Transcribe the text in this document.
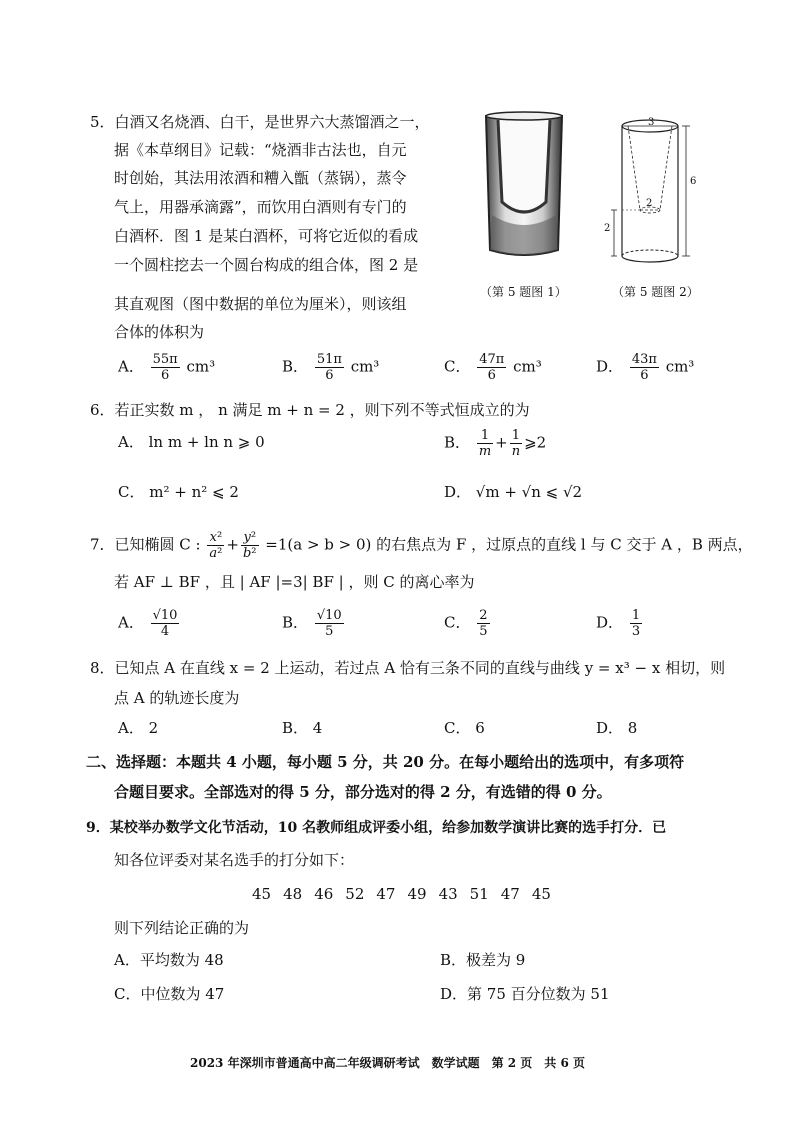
5．白酒又名烧酒、白干，是世界六大蒸馏酒之一，
据《本草纲目》记载：“烧酒非古法也，自元
时创始，其法用浓酒和糟入甑（蒸锅），蒸令
气上，用器承滴露”，而饮用白酒则有专门的
白酒杯．图 1 是某白酒杯，可将它近似的看成
一个圆柱挖去一个圆台构成的组合体，图 2 是
其直观图（图中数据的单位为厘米），则该组
合体的体积为
（第 5 题图 1）
3
6
2
2
（第 5 题图 2）
A． $\frac{55\pi}{6} cm^3$	B． $\frac{51\pi}{6} cm^3$	C． $\frac{47\pi}{6} cm^3$	D． $\frac{43\pi}{6} cm^3$
6．若正实数 m ， n 满足 m + n = 2 ，则下列不等式恒成立的为
A． ln m + ln n ⩾ 0	B． $\frac{1}{m} + \frac{1}{n}$ ⩾2
C． m² + n² ⩽ 2	D． √m + √n ⩽ √2
7．已知椭圆 C : $\frac{\text{x²}}{\text{a²}} + \frac{\text{y²}}{\text{b²}} =1(a > b > 0)$ 的右焦点为 F ，过原点的直线 l 与 C 交于 A ，B 两点，
若 AF ⊥ BF ，且 | AF |=3| BF | ，则 C 的离心率为
A． $\frac{√10}{4}$	B． $\frac{√10}{5}$	C． $\frac{2}{5}$	D． $\frac{1}{3}$
8．已知点 A 在直线 x = 2 上运动，若过点 A 恰有三条不同的直线与曲线 y = x³ − x 相切，则
点 A 的轨迹长度为
A． 2	B． 4	C． 6	D． 8
二、选择题：本题共 4 小题，每小题 5 分，共 20 分。在每小题给出的选项中，有多项符
合题目要求。全部选对的得 5 分，部分选对的得 2 分，有选错的得 0 分。
9．某校举办数学文化节活动，10 名教师组成评委小组，给参加数学演讲比赛的选手打分．已
知各位评委对某名选手的打分如下：
45 48 46 52 47 49 43 51 47 45
则下列结论正确的为
A．平均数为 48	B．极差为 9
C．中位数为 47	D．第 75 百分位数为 51
2023 年深圳市普通高中高二年级调研考试　数学试题　第 2 页　共 6 页
